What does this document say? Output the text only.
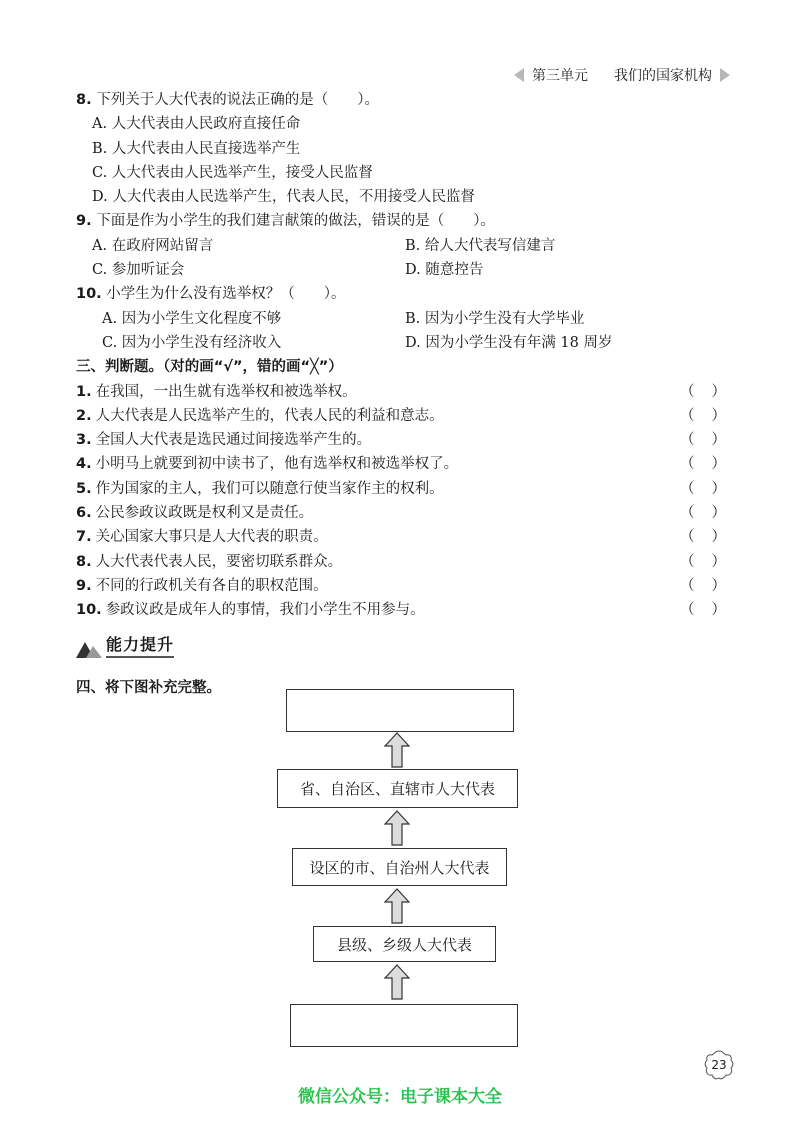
第三单元 我们的国家机构
8. 下列关于人大代表的说法正确的是（　　）。
A. 人大代表由人民政府直接任命
B. 人大代表由人民直接选举产生
C. 人大代表由人民选举产生，接受人民监督
D. 人大代表由人民选举产生，代表人民，不用接受人民监督
9. 下面是作为小学生的我们建言献策的做法，错误的是（　　）。
A. 在政府网站留言	B. 给人大代表写信建言
C. 参加听证会	D. 随意控告
10. 小学生为什么没有选举权？（　　）。
A. 因为小学生文化程度不够	B. 因为小学生没有大学毕业
C. 因为小学生没有经济收入	D. 因为小学生没有年满 18 周岁
三、判断题。（对的画“√”，错的画“╳”）
1. 在我国，一出生就有选举权和被选举权。	（ ）
2. 人大代表是人民选举产生的，代表人民的利益和意志。	（ ）
3. 全国人大代表是选民通过间接选举产生的。	（ ）
4. 小明马上就要到初中读书了，他有选举权和被选举权了。	（ ）
5. 作为国家的主人，我们可以随意行使当家作主的权利。	（ ）
6. 公民参政议政既是权利又是责任。	（ ）
7. 关心国家大事只是人大代表的职责。	（ ）
8. 人大代表代表人民，要密切联系群众。	（ ）
9. 不同的行政机关有各自的职权范围。	（ ）
10. 参政议政是成年人的事情，我们小学生不用参与。	（ ）
能力提升
四、将下图补充完整。
省、自治区、直辖市人大代表
设区的市、自治州人大代表
县级、乡级人大代表
23
微信公众号：电子课本大全
